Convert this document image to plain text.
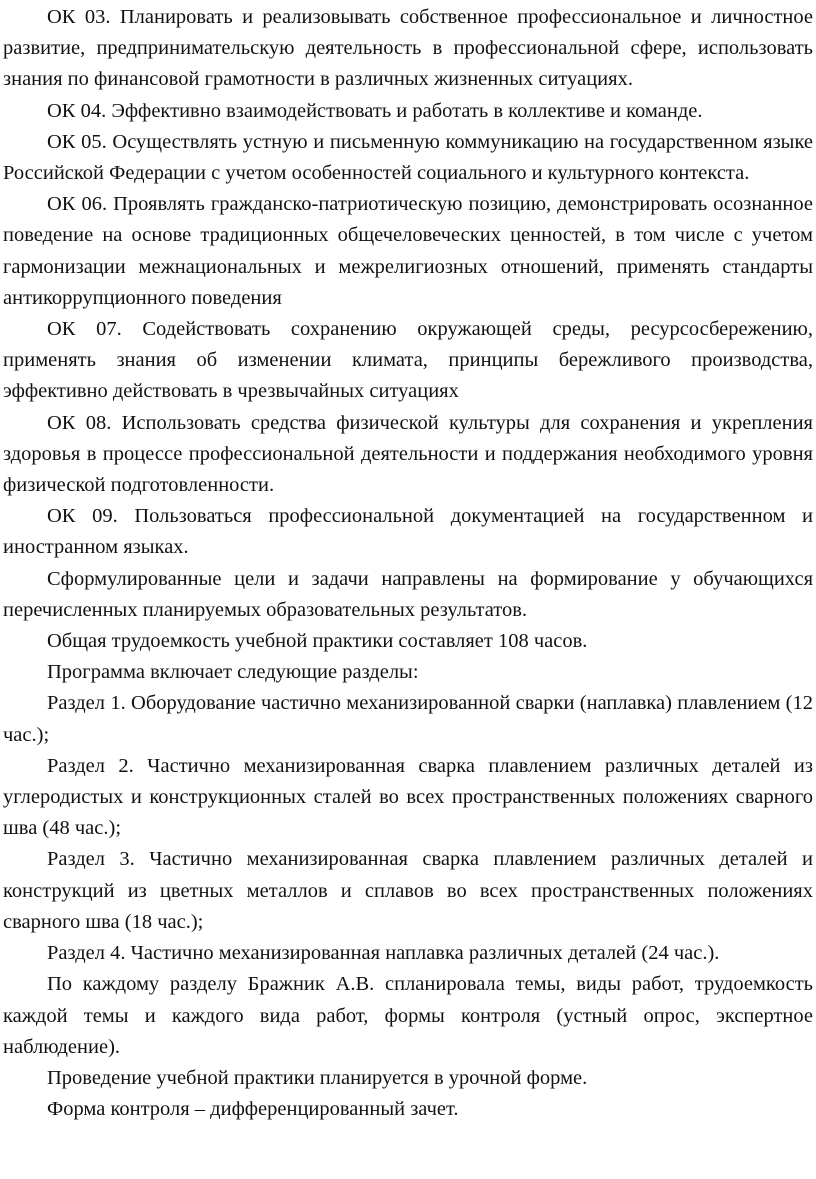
ОК 03. Планировать и реализовывать собственное профессиональное и личностное развитие, предпринимательскую деятельность в профессиональной сфере, использовать знания по финансовой грамотности в различных жизненных ситуациях.

ОК 04. Эффективно взаимодействовать и работать в коллективе и команде.

ОК 05. Осуществлять устную и письменную коммуникацию на государственном языке Российской Федерации с учетом особенностей социального и культурного контекста.

ОК 06. Проявлять гражданско-патриотическую позицию, демонстрировать осознанное поведение на основе традиционных общечеловеческих ценностей, в том числе с учетом гармонизации межнациональных и межрелигиозных отношений, применять стандарты антикоррупционного поведения

ОК 07. Содействовать сохранению окружающей среды, ресурсосбережению, применять знания об изменении климата, принципы бережливого производства, эффективно действовать в чрезвычайных ситуациях

ОК 08. Использовать средства физической культуры для сохранения и укрепления здоровья в процессе профессиональной деятельности и поддержания необходимого уровня физической подготовленности.

ОК 09. Пользоваться профессиональной документацией на государственном и иностранном языках.

Сформулированные цели и задачи направлены на формирование у обучающихся перечисленных планируемых образовательных результатов.

Общая трудоемкость учебной практики составляет 108 часов.

Программа включает следующие разделы:

Раздел 1. Оборудование частично механизированной сварки (наплавка) плавлением (12 час.);

Раздел 2. Частично механизированная сварка плавлением различных деталей из углеродистых и конструкционных сталей во всех пространственных положениях сварного шва (48 час.);

Раздел 3. Частично механизированная сварка плавлением различных деталей и конструкций из цветных металлов и сплавов во всех пространственных положениях сварного шва (18 час.);

Раздел 4. Частично механизированная наплавка различных деталей (24 час.).

По каждому разделу Бражник А.В. спланировала темы, виды работ, трудоемкость каждой темы и каждого вида работ, формы контроля (устный опрос, экспертное наблюдение).

Проведение учебной практики планируется в урочной форме.

Форма контроля – дифференцированный зачет.
